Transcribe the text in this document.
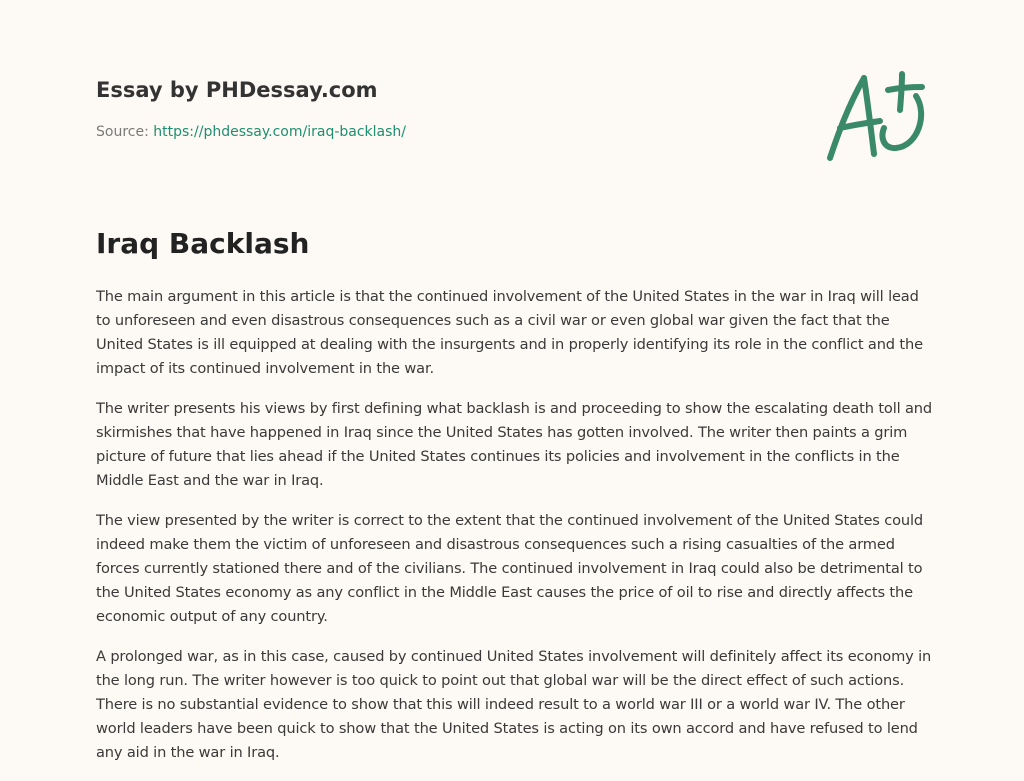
Essay by PHDessay.com
Source: https://phdessay.com/iraq-backlash/
Iraq Backlash

The main argument in this article is that the continued involvement of the United States in the war in Iraq will lead to unforeseen and even disastrous consequences such as a civil war or even global war given the fact that the United States is ill equipped at dealing with the insurgents and in properly identifying its role in the conflict and the impact of its continued involvement in the war.

The writer presents his views by first defining what backlash is and proceeding to show the escalating death toll and skirmishes that have happened in Iraq since the United States has gotten involved. The writer then paints a grim picture of future that lies ahead if the United States continues its policies and involvement in the conflicts in the Middle East and the war in Iraq.

The view presented by the writer is correct to the extent that the continued involvement of the United States could indeed make them the victim of unforeseen and disastrous consequences such a rising casualties of the armed forces currently stationed there and of the civilians. The continued involvement in Iraq could also be detrimental to the United States economy as any conflict in the Middle East causes the price of oil to rise and directly affects the economic output of any country.

A prolonged war, as in this case, caused by continued United States involvement will definitely affect its economy in the long run. The writer however is too quick to point out that global war will be the direct effect of such actions. There is no substantial evidence to show that this will indeed result to a world war III or a world war IV. The other world leaders have been quick to show that the United States is acting on its own accord and have refused to lend any aid in the war in Iraq.
